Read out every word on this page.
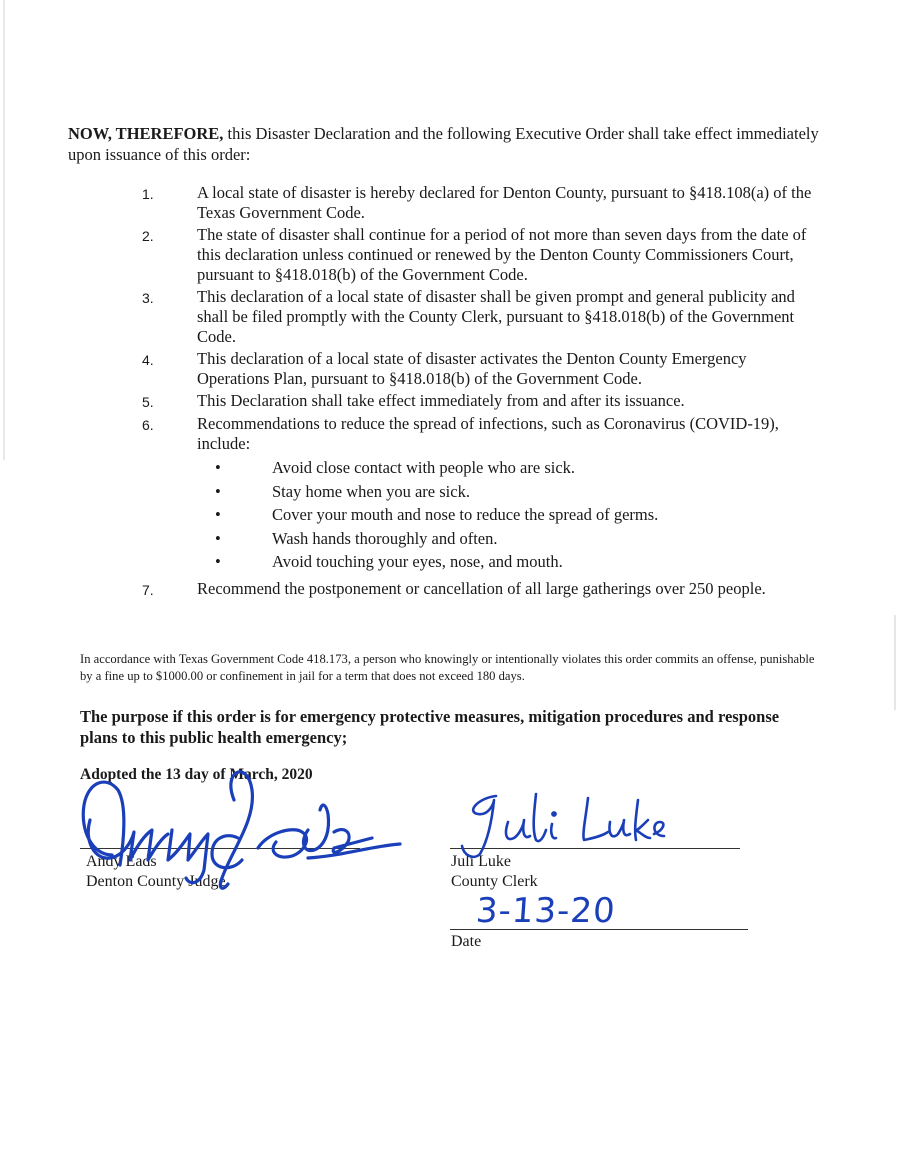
NOW, THEREFORE, this Disaster Declaration and the following Executive Order shall take effect immediately upon issuance of this order:
1.	A local state of disaster is hereby declared for Denton County, pursuant to §418.108(a) of the Texas Government Code.
2.	The state of disaster shall continue for a period of not more than seven days from the date of this declaration unless continued or renewed by the Denton County Commissioners Court, pursuant to §418.018(b) of the Government Code.
3.	This declaration of a local state of disaster shall be given prompt and general publicity and shall be filed promptly with the County Clerk, pursuant to §418.018(b) of the Government Code.
4.	This declaration of a local state of disaster activates the Denton County Emergency Operations Plan, pursuant to §418.018(b) of the Government Code.
5.	This Declaration shall take effect immediately from and after its issuance.
6.	Recommendations to reduce the spread of infections, such as Coronavirus (COVID-19), include:
•	Avoid close contact with people who are sick.
•	Stay home when you are sick.
•	Cover your mouth and nose to reduce the spread of germs.
•	Wash hands thoroughly and often.
•	Avoid touching your eyes, nose, and mouth.
7.	Recommend the postponement or cancellation of all large gatherings over 250 people.
In accordance with Texas Government Code 418.173, a person who knowingly or intentionally violates this order commits an offense, punishable by a fine up to $1000.00 or confinement in jail for a term that does not exceed 180 days.
The purpose if this order is for emergency protective measures, mitigation procedures and response plans to this public health emergency;
Adopted the 13 day of March, 2020
Andy Eads
Denton County Judge
Juli Luke
County Clerk
Date
3-13-20
